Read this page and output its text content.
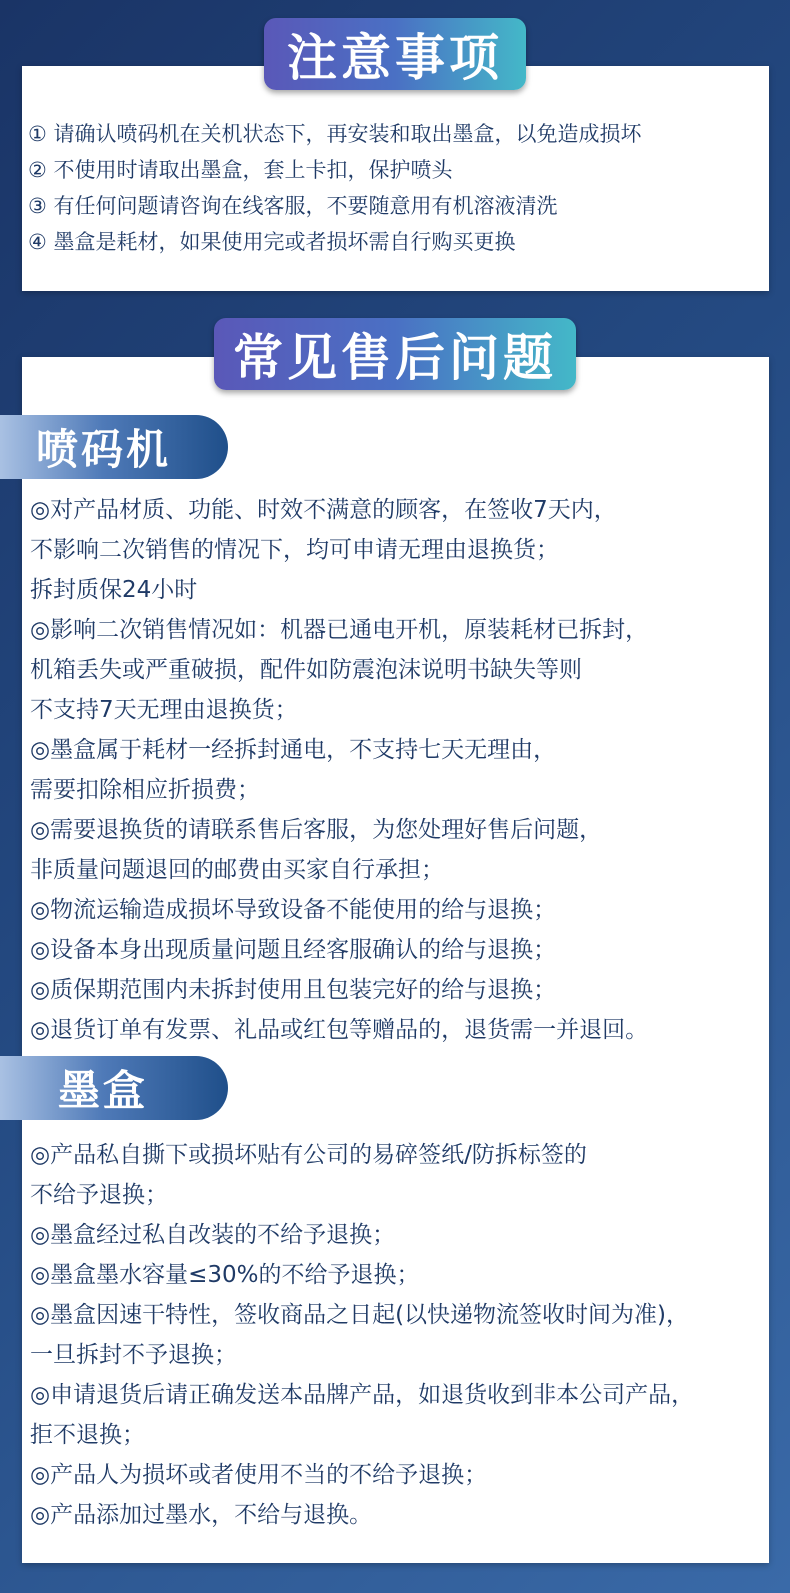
注意事项
① 请确认喷码机在关机状态下，再安装和取出墨盒，以免造成损坏
② 不使用时请取出墨盒，套上卡扣，保护喷头
③ 有任何问题请咨询在线客服，不要随意用有机溶液清洗
④ 墨盒是耗材，如果使用完或者损坏需自行购买更换
常见售后问题
喷码机
◎对产品材质、功能、时效不满意的顾客，在签收7天内，
不影响二次销售的情况下，均可申请无理由退换货；
拆封质保24小时
◎影响二次销售情况如：机器已通电开机，原装耗材已拆封，
机箱丢失或严重破损，配件如防震泡沫说明书缺失等则
不支持7天无理由退换货；
◎墨盒属于耗材一经拆封通电，不支持七天无理由，
需要扣除相应折损费；
◎需要退换货的请联系售后客服，为您处理好售后问题，
非质量问题退回的邮费由买家自行承担；
◎物流运输造成损坏导致设备不能使用的给与退换；
◎设备本身出现质量问题且经客服确认的给与退换；
◎质保期范围内未拆封使用且包装完好的给与退换；
◎退货订单有发票、礼品或红包等赠品的，退货需一并退回。
墨盒
◎产品私自撕下或损坏贴有公司的易碎签纸/防拆标签的
不给予退换；
◎墨盒经过私自改装的不给予退换；
◎墨盒墨水容量≤30%的不给予退换；
◎墨盒因速干特性，签收商品之日起(以快递物流签收时间为准)，
一旦拆封不予退换；
◎申请退货后请正确发送本品牌产品，如退货收到非本公司产品，
拒不退换；
◎产品人为损坏或者使用不当的不给予退换；
◎产品添加过墨水，不给与退换。
